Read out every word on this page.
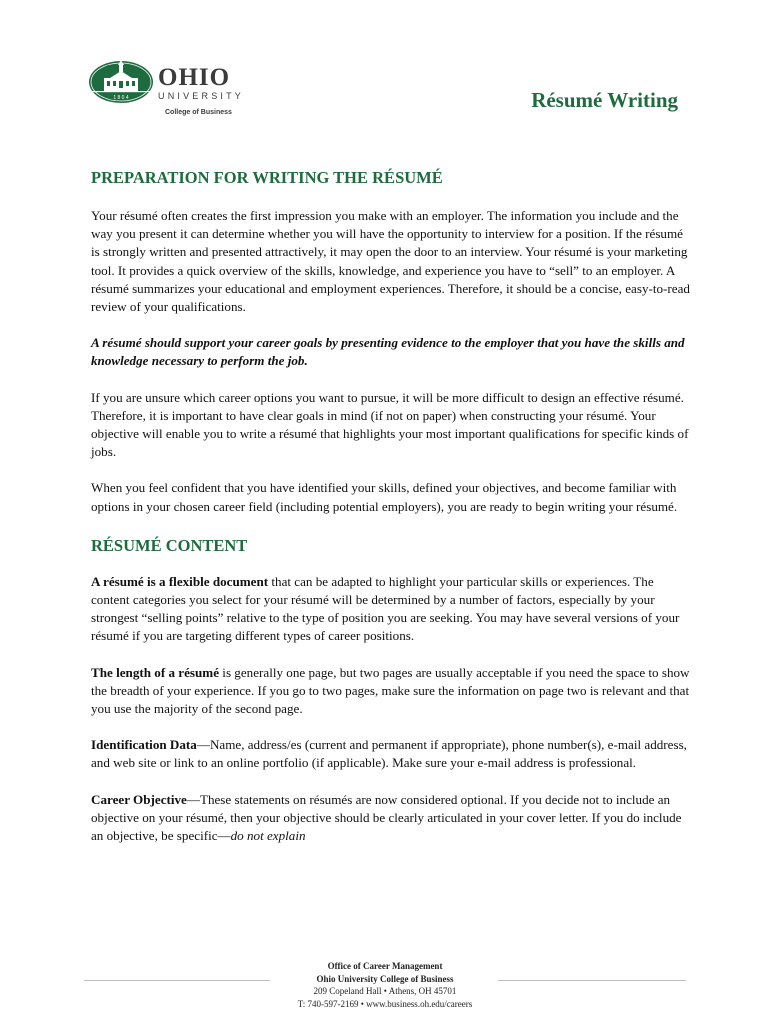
1 8 0 4
OHIO
UNIVERSITY
College of Business
Résumé Writing
PREPARATION FOR WRITING THE RÉSUMÉ

Your résumé often creates the first impression you make with an employer. The information you include and the way you present it can determine whether you will have the opportunity to interview for a position. If the résumé is strongly written and presented attractively, it may open the door to an interview. Your résumé is your marketing tool. It provides a quick overview of the skills, knowledge, and experience you have to “sell” to an employer. A résumé summarizes your educational and employment experiences. Therefore, it should be a concise, easy-to-read review of your qualifications.

A résumé should support your career goals by presenting evidence to the employer that you have the skills and knowledge necessary to perform the job.

If you are unsure which career options you want to pursue, it will be more difficult to design an effective résumé. Therefore, it is important to have clear goals in mind (if not on paper) when constructing your résumé. Your objective will enable you to write a résumé that highlights your most important qualifications for specific kinds of jobs.

When you feel confident that you have identified your skills, defined your objectives, and become familiar with options in your chosen career field (including potential employers), you are ready to begin writing your résumé.

RÉSUMÉ CONTENT

A résumé is a flexible document that can be adapted to highlight your particular skills or experiences. The content categories you select for your résumé will be determined by a number of factors, especially by your strongest “selling points” relative to the type of position you are seeking. You may have several versions of your résumé if you are targeting different types of career positions.

The length of a résumé is generally one page, but two pages are usually acceptable if you need the space to show the breadth of your experience. If you go to two pages, make sure the information on page two is relevant and that you use the majority of the second page.

Identification Data—Name, address/es (current and permanent if appropriate), phone number(s), e-mail address, and web site or link to an online portfolio (if applicable). Make sure your e-mail address is professional.

Career Objective—These statements on résumés are now considered optional. If you decide not to include an objective on your résumé, then your objective should be clearly articulated in your cover letter. If you do include an objective, be specific—do not explain

Office of Career Management
Ohio University College of Business
209 Copeland Hall • Athens, OH 45701
T: 740-597-2169 • www.business.oh.edu/careers
